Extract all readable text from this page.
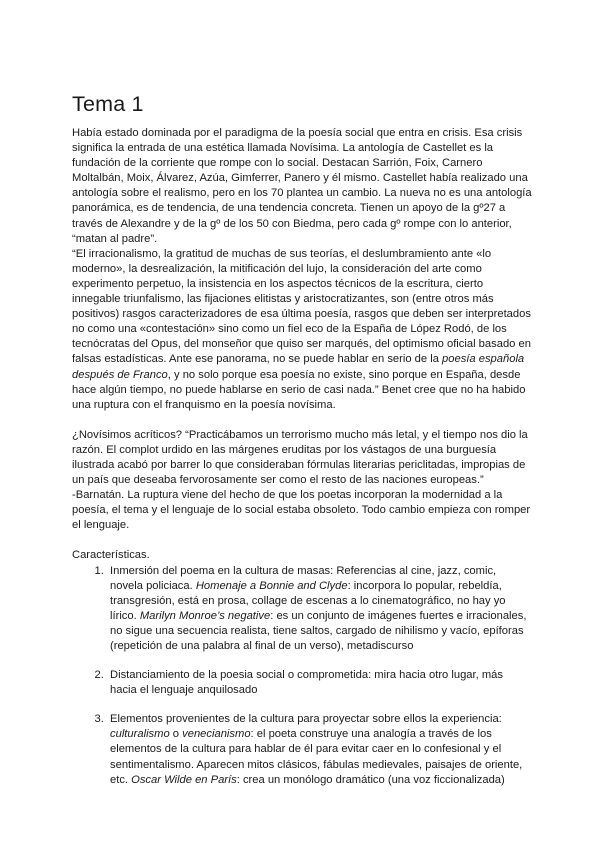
Tema 1

Había estado dominada por el paradigma de la poesía social que entra en crisis. Esa crisis significa la entrada de una estética llamada Novísima. La antología de Castellet es la fundación de la corriente que rompe con lo social. Destacan Sarrión, Foix, Carnero Moltalbán, Moix, Álvarez, Azúa, Gimferrer, Panero y él mismo. Castellet había realizado una antología sobre el realismo, pero en los 70 plantea un cambio. La nueva no es una antología panorámica, es de tendencia, de una tendencia concreta. Tienen un apoyo de la gº27 a través de Alexandre y de la gº de los 50 con Biedma, pero cada gº rompe con lo anterior, “matan al padre”.

“El irracionalismo, la gratitud de muchas de sus teorías, el deslumbramiento ante «lo moderno», la desrealización, la mitificación del lujo, la consideración del arte como experimento perpetuo, la insistencia en los aspectos técnicos de la escritura, cierto innegable triunfalismo, las fijaciones elitistas y aristocratizantes, son (entre otros más positivos) rasgos caracterizadores de esa última poesía, rasgos que deben ser interpretados no como una «contestación» sino como un fiel eco de la España de López Rodó, de los tecnócratas del Opus, del monseñor que quiso ser marqués, del optimismo oficial basado en falsas estadísticas. Ante ese panorama, no se puede hablar en serio de la poesía española después de Franco, y no solo porque esa poesía no existe, sino porque en España, desde hace algún tiempo, no puede hablarse en serio de casi nada.” Benet cree que no ha habido una ruptura con el franquismo en la poesía novísima.

¿Novísimos acríticos? “Practicábamos un terrorismo mucho más letal, y el tiempo nos dio la razón. El complot urdido en las márgenes eruditas por los vástagos de una burguesía ilustrada acabó por barrer lo que consideraban fórmulas literarias periclitadas, impropias de un país que deseaba fervorosamente ser como el resto de las naciones europeas.”

-Barnatán. La ruptura viene del hecho de que los poetas incorporan la modernidad a la poesía, el tema y el lenguaje de lo social estaba obsoleto. Todo cambio empieza con romper el lenguaje.

Características.

1. Inmersión del poema en la cultura de masas: Referencias al cine, jazz, comic, novela policiaca. Homenaje a Bonnie and Clyde: incorpora lo popular, rebeldía, transgresión, está en prosa, collage de escenas a lo cinematográfico, no hay yo lírico. Marilyn Monroe’s negative: es un conjunto de imágenes fuertes e irracionales, no sigue una secuencia realista, tiene saltos, cargado de nihilismo y vacío, epíforas (repetición de una palabra al final de un verso), metadiscurso
2. Distanciamiento de la poesia social o comprometida: mira hacia otro lugar, más hacia el lenguaje anquilosado
3. Elementos provenientes de la cultura para proyectar sobre ellos la experiencia: culturalismo o venecianismo: el poeta construye una analogía a través de los elementos de la cultura para hablar de él para evitar caer en lo confesional y el sentimentalismo. Aparecen mitos clásicos, fábulas medievales, paisajes de oriente, etc. Oscar Wilde en París: crea un monólogo dramático (una voz ficcionalizada)
